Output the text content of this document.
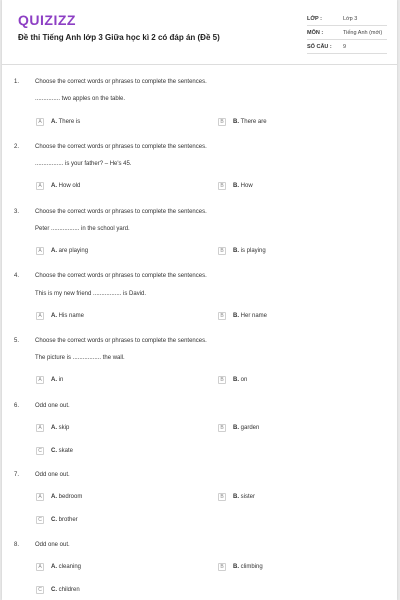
QUIZIZZ
Đề thi Tiếng Anh lớp 3 Giữa học kì 2 có đáp án (Đề 5)
LỚP :	Lớp 3
MÔN :	Tiếng Anh (mới)
SỐ CÂU : 9
1.	Choose the correct words or phrases to complete the sentences.
............... two apples on the table.
A	A. There is	B	B. There are
2.	Choose the correct words or phrases to complete the sentences.
................. is your father? – He's 45.
A	A. How old	B	B. How
3.	Choose the correct words or phrases to complete the sentences.
Peter ................. in the school yard.
A	A. are playing	B	B. is playing
4.	Choose the correct words or phrases to complete the sentences.
This is my new friend ................. is David.
A	A. His name	B	B. Her name
5.	Choose the correct words or phrases to complete the sentences.
The picture is ................. the wall.
A	A. in	B	B. on
6.	Odd one out.
A	A. skip	B	B. garden
C	C. skate
7.	Odd one out.
A	A. bedroom	B	B. sister
C	C. brother
8.	Odd one out.
A	A. cleaning	B	B. climbing
C	C. children
